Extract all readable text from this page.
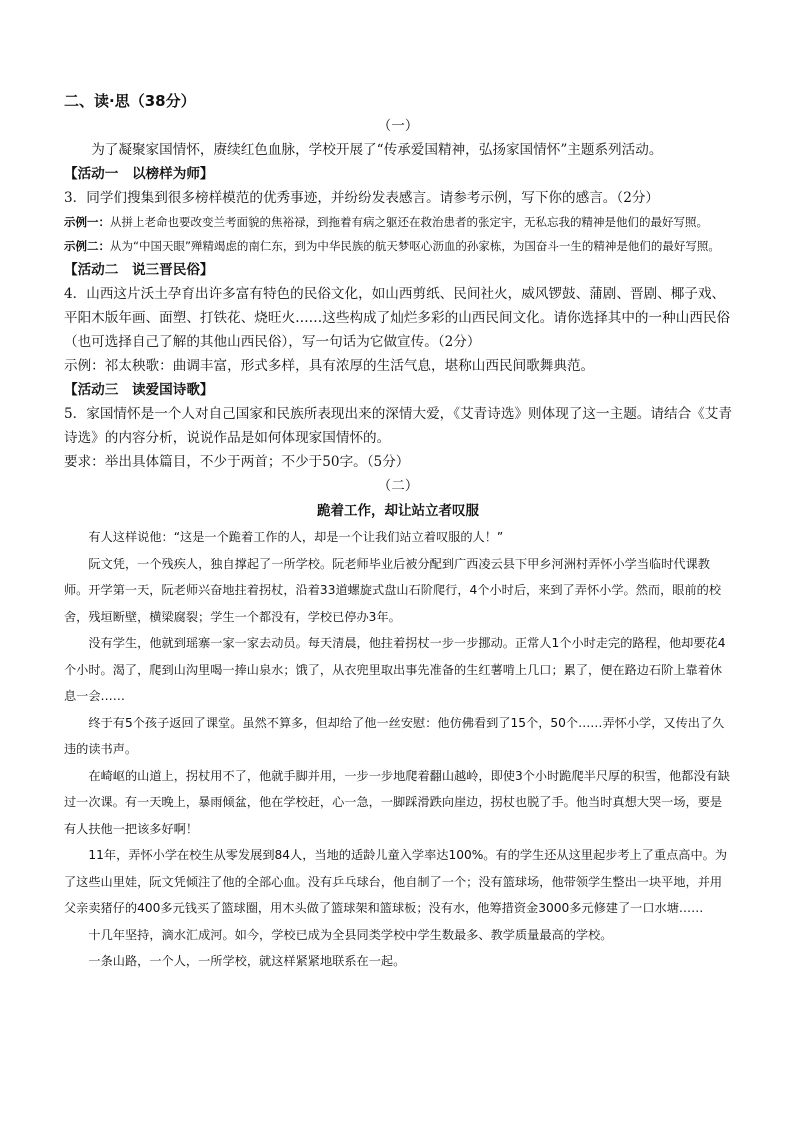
二、读·思（38分）

（一）

为了凝聚家国情怀，赓续红色血脉，学校开展了“传承爱国精神，弘扬家国情怀”主题系列活动。

【活动一　以榜样为师】

3．同学们搜集到很多榜样模范的优秀事迹，并纷纷发表感言。请参考示例，写下你的感言。（2分）

示例一：从拼上老命也要改变兰考面貌的焦裕禄，到拖着有病之躯还在救治患者的张定宇，无私忘我的精神是他们的最好写照。

示例二：从为“中国天眼”殚精竭虑的南仁东，到为中华民族的航天梦呕心沥血的孙家栋，为国奋斗一生的精神是他们的最好写照。

【活动二　说三晋民俗】

4．山西这片沃土孕育出许多富有特色的民俗文化，如山西剪纸、民间社火，威风锣鼓、蒲剧、晋剧、椰子戏、平阳木版年画、面塑、打铁花、烧旺火……这些构成了灿烂多彩的山西民间文化。请你选择其中的一种山西民俗（也可选择自己了解的其他山西民俗），写一句话为它做宣传。（2分）

示例：祁太秧歌：曲调丰富，形式多样，具有浓厚的生活气息，堪称山西民间歌舞典范。

【活动三　读爱国诗歌】

5．家国情怀是一个人对自己国家和民族所表现出来的深情大爱，《艾青诗选》则体现了这一主题。请结合《艾青诗选》的内容分析，说说作品是如何体现家国情怀的。

要求：举出具体篇目，不少于两首；不少于50字。（5分）

（二）

跪着工作，却让站立者叹服

有人这样说他：“这是一个跪着工作的人，却是一个让我们站立着叹服的人！”

阮文凭，一个残疾人，独自撑起了一所学校。阮老师毕业后被分配到广西凌云县下甲乡河洲村弄怀小学当临时代课教师。开学第一天，阮老师兴奋地拄着拐杖，沿着33道螺旋式盘山石阶爬行，4个小时后，来到了弄怀小学。然而，眼前的校舍，残垣断壁，横梁腐裂；学生一个都没有，学校已停办3年。

没有学生，他就到瑶寨一家一家去动员。每天清晨，他拄着拐杖一步一步挪动。正常人1个小时走完的路程，他却要花4个小时。渴了，爬到山沟里喝一捧山泉水；饿了，从衣兜里取出事先准备的生红薯啃上几口；累了，便在路边石阶上靠着休息一会……

终于有5个孩子返回了课堂。虽然不算多，但却给了他一丝安慰：他仿佛看到了15个，50个……弄怀小学，又传出了久违的读书声。

在崎岖的山道上，拐杖用不了，他就手脚并用，一步一步地爬着翻山越岭，即使3个小时跪爬半尺厚的积雪，他都没有缺过一次课。有一天晚上，暴雨倾盆，他在学校赶，心一急，一脚踩滑跌向崖边，拐杖也脱了手。他当时真想大哭一场，要是有人扶他一把该多好啊！

11年，弄怀小学在校生从零发展到84人，当地的适龄儿童入学率达100%。有的学生还从这里起步考上了重点高中。为了这些山里娃，阮文凭倾注了他的全部心血。没有乒乓球台，他自制了一个；没有篮球场，他带领学生整出一块平地，并用父亲卖猪仔的400多元钱买了篮球圈，用木头做了篮球架和篮球板；没有水，他筹措资金3000多元修建了一口水塘……

十几年坚持，滴水汇成河。如今，学校已成为全县同类学校中学生数最多、教学质量最高的学校。

一条山路，一个人，一所学校，就这样紧紧地联系在一起。
